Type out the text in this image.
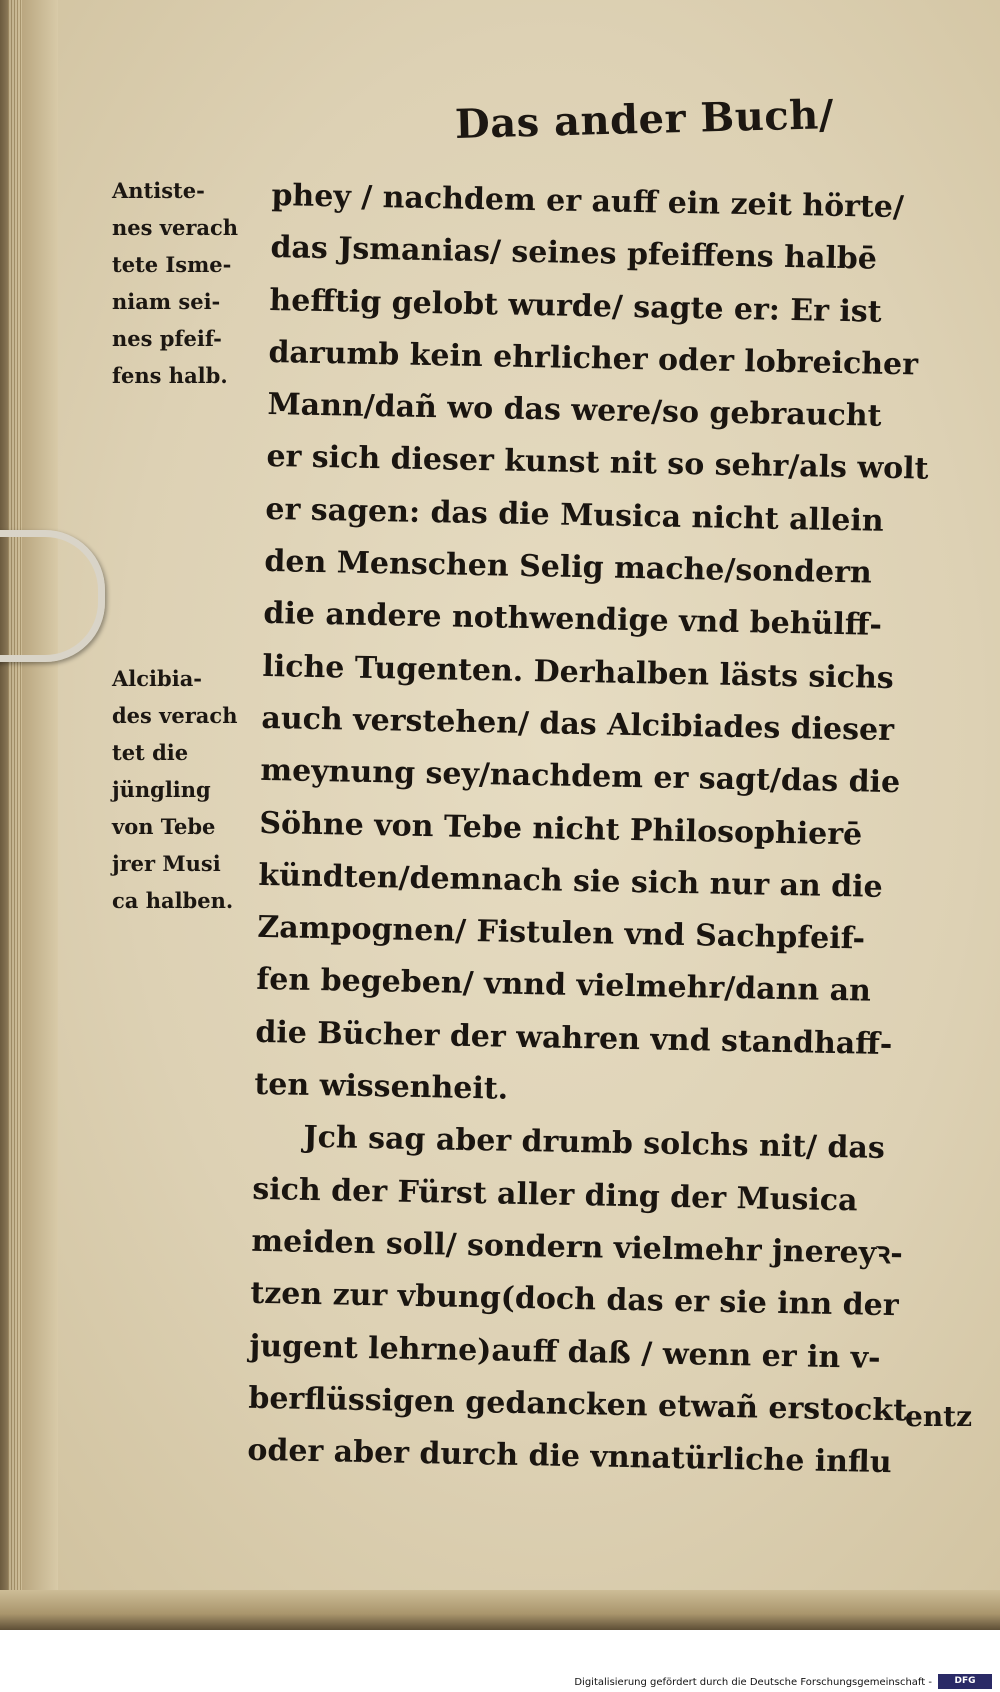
Das ander Buch/
Antiste-
nes verach
tete Isme-
niam sei-
nes pfeif-
fens halb.
Alcibia-
des verach
tet die
jüngling
von Tebe
jrer Musi
ca halben.
phey / nachdem er auff ein zeit hörte/
das Jsmanias/ seines pfeiffens halbē
hefftig gelobt wurde/ sagte er: Er ist
darumb kein ehrlicher oder lobreicher
Mann/dañ wo das were/so gebraucht
er sich dieser kunst nit so sehr/als wolt
er sagen: das die Musica nicht allein
den Menschen Selig mache/sondern
die andere nothwendige vnd behülff-
liche Tugenten. Derhalben lästs sichs
auch verstehen/ das Alcibiades dieser
meynung sey/nachdem er sagt/das die
Söhne von Tebe nicht Philosophierē
kündten/demnach sie sich nur an die
Zampognen/ Fistulen vnd Sachpfeif-
fen begeben/ vnnd vielmehr/dann an
die Bücher der wahren vnd standhaff-
ten wissenheit.
Jch sag aber drumb solchs nit/ das
sich der Fürst aller ding der Musica
meiden soll/ sondern vielmehr jnereyꝛ-
tzen zur vbung(doch das er sie inn der
jugent lehrne)auff daß / wenn er in v-
berflüssigen gedancken etwañ erstockt
oder aber durch die vnnatürliche influ
entz
Digitalisierung gefördert durch die Deutsche Forschungsgemeinschaft -	DFG
